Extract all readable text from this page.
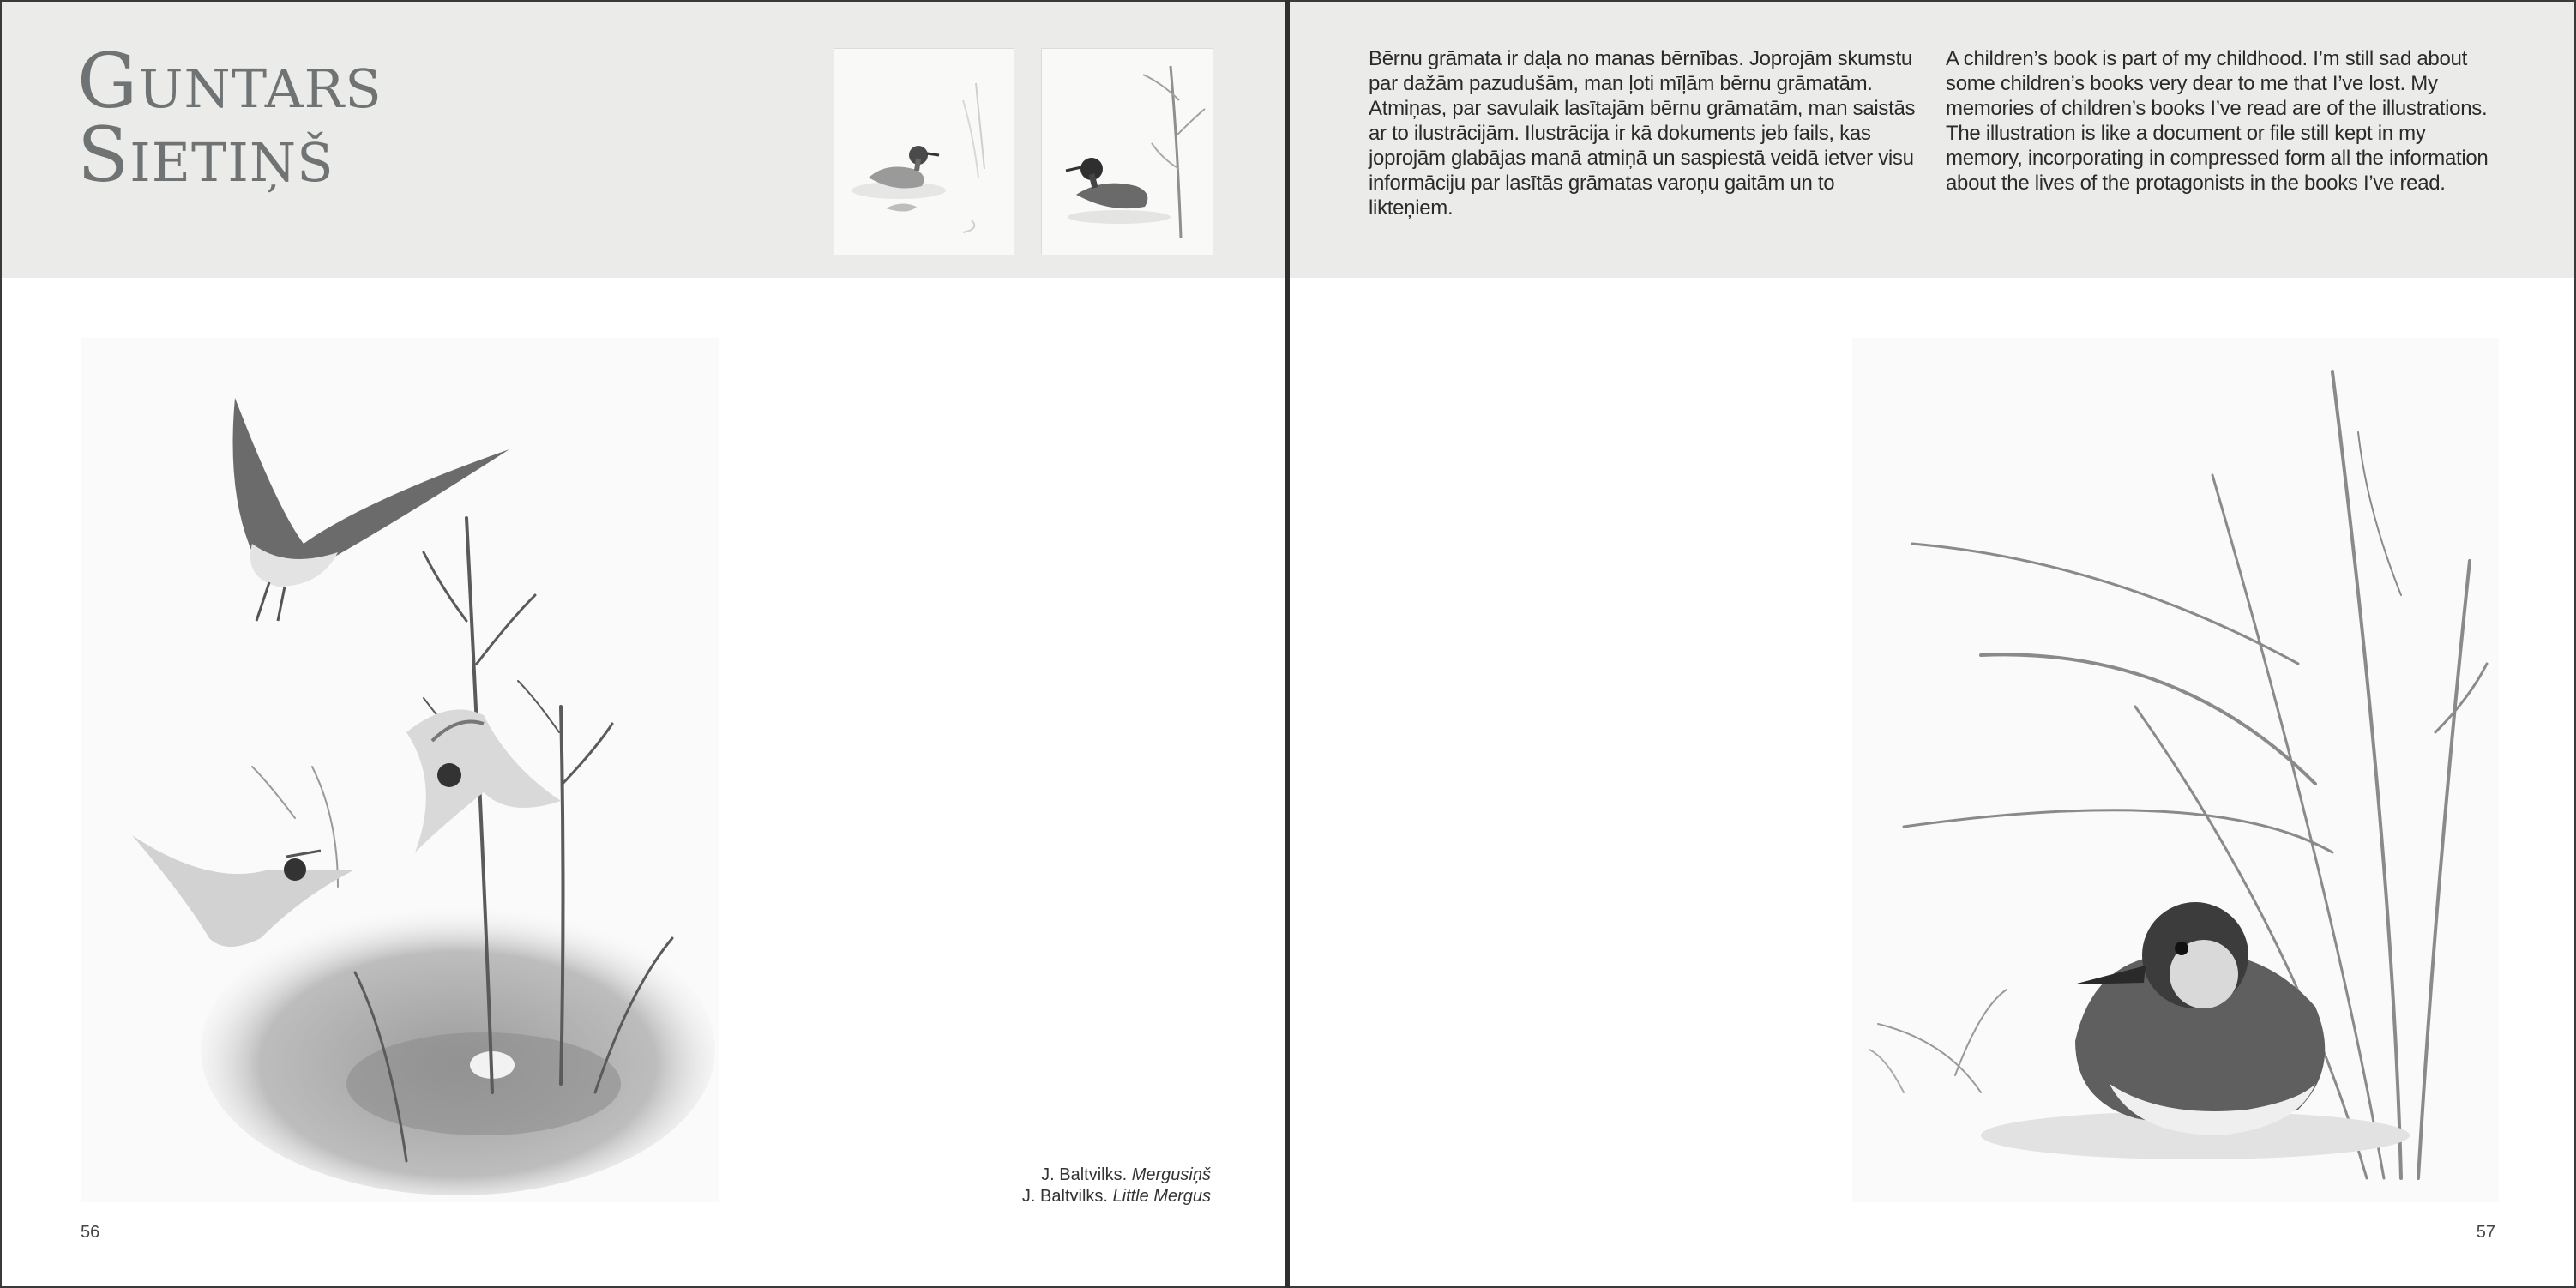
Guntars
Sietiņš
J. Baltvilks. Mergusiņš
J. Baltvilks. Little Mergus
56

Bērnu grāmata ir daļa no manas bērnības. Joprojām skumstu par dažām pazudušām, man ļoti mīļām bērnu grāmatām. Atmiņas, par savulaik lasītajām bērnu grāmatām, man saistās ar to ilustrācijām. Ilustrācija ir kā dokuments jeb fails, kas joprojām glabājas manā atmiņā un saspiestā veidā ietver visu informāciju par lasītās grāmatas varoņu gaitām un to likteņiem.

A children’s book is part of my childhood. I’m still sad about some children’s books very dear to me that I’ve lost. My memories of children’s books I’ve read are of the illustrations. The illustration is like a document or file still kept in my memory, incorporating in compressed form all the information about the lives of the protagonists in the books I’ve read.

57
